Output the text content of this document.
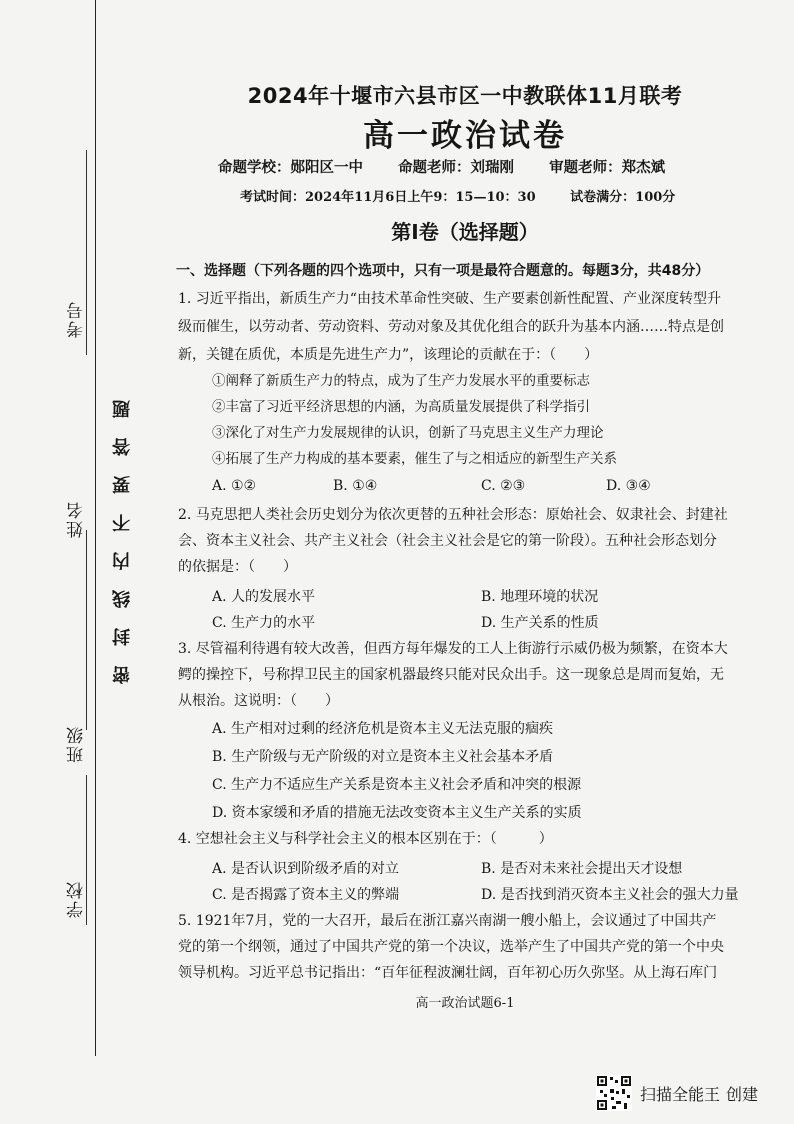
考号
姓名
班级
学校
密封线内不要答题
2024年十堰市六县市区一中教联体11月联考
高一政治试卷
命题学校：郧阳区一中 命题老师：刘瑞刚 审题老师：郑杰斌
考试时间：2024年11月6日上午9：15—10：30	试卷满分：100分
第I卷（选择题）
一、选择题（下列各题的四个选项中，只有一项是最符合题意的。每题3分，共48分）
1. 习近平指出，新质生产力“由技术革命性突破、生产要素创新性配置、产业深度转型升
级而催生，以劳动者、劳动资料、劳动对象及其优化组合的跃升为基本内涵……特点是创
新，关键在质优，本质是先进生产力”，该理论的贡献在于：（　　）
①阐释了新质生产力的特点，成为了生产力发展水平的重要标志
②丰富了习近平经济思想的内涵，为高质量发展提供了科学指引
③深化了对生产力发展规律的认识，创新了马克思主义生产力理论
④拓展了生产力构成的基本要素，催生了与之相适应的新型生产关系
A. ①②	B. ①④	C. ②③	D. ③④
2. 马克思把人类社会历史划分为依次更替的五种社会形态：原始社会、奴隶社会、封建社
会、资本主义社会、共产主义社会（社会主义社会是它的第一阶段）。五种社会形态划分
的依据是：（　　）
A. 人的发展水平	B. 地理环境的状况
C. 生产力的水平	D. 生产关系的性质
3. 尽管福利待遇有较大改善，但西方每年爆发的工人上街游行示威仍极为频繁，在资本大
鳄的操控下，号称捍卫民主的国家机器最终只能对民众出手。这一现象总是周而复始，无
从根治。这说明：（　　）
A. 生产相对过剩的经济危机是资本主义无法克服的痼疾
B. 生产阶级与无产阶级的对立是资本主义社会基本矛盾
C. 生产力不适应生产关系是资本主义社会矛盾和冲突的根源
D. 资本家缓和矛盾的措施无法改变资本主义生产关系的实质
4. 空想社会主义与科学社会主义的根本区别在于：（　　　）
A. 是否认识到阶级矛盾的对立	B. 是否对未来社会提出天才设想
C. 是否揭露了资本主义的弊端	D. 是否找到消灭资本主义社会的强大力量
5. 1921年7月，党的一大召开，最后在浙江嘉兴南湖一艘小船上，会议通过了中国共产
党的第一个纲领，通过了中国共产党的第一个决议，选举产生了中国共产党的第一个中央
领导机构。习近平总书记指出：“百年征程波澜壮阔，百年初心历久弥坚。从上海石库门
高一政治试题6-1
扫描全能王 创建
